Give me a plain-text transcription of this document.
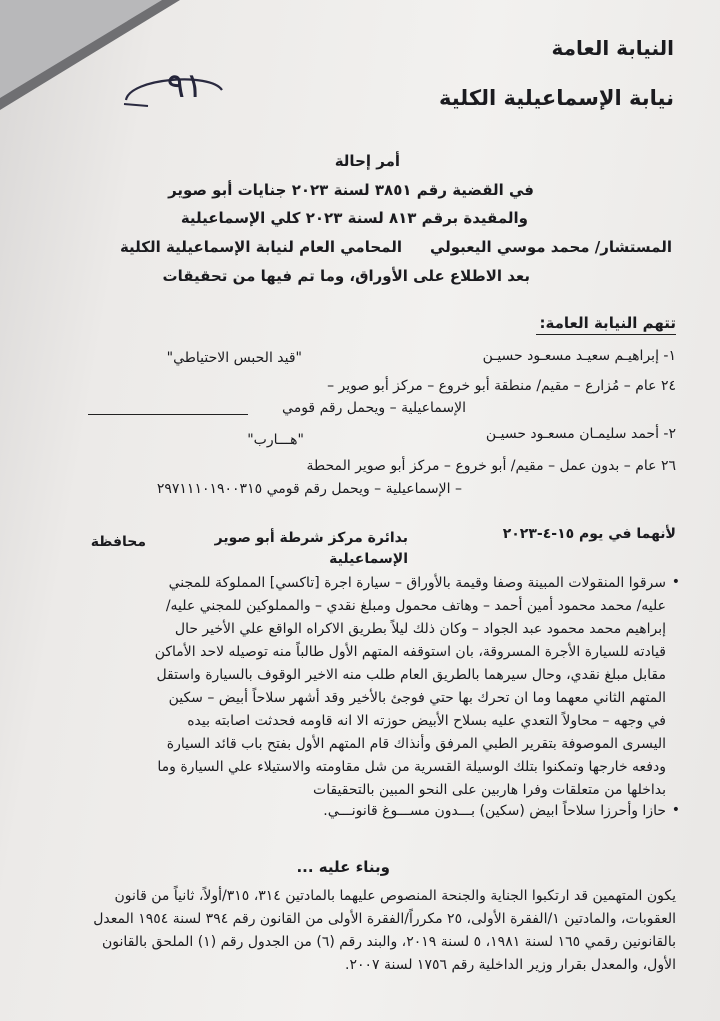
النيابة العامة
نيابة الإسماعيلية الكلية
٩١
أمر إحالة
في القضية رقم ٣٨٥١ لسنة ٢٠٢٣ جنايات أبو صوير
والمقيدة برقم ٨١٣ لسنة ٢٠٢٣ كلي الإسماعيلية
المستشار/ محمد موسي اليعبولي
المحامي العام لنيابة الإسماعيلية الكلية
بعد الاطلاع على الأوراق، وما تم فيها من تحقيقات
تتهم النيابة العامة:
١- إبراهيـم سعيـد مسعـود حسيـن
"قيد الحبس الاحتياطي"
٢٤ عام – مُزارع – مقيم/ منطقة أبو خروع – مركز أبو صوير –
الإسماعيلية – ويحمل رقم قومي
٢- أحمد سليمـان مسعـود حسيـن
"هـــارب"
٢٦ عام – بدون عمل – مقيم/ أبو خروع – مركز أبو صوير المحطة
– الإسماعيلية – ويحمل رقم قومي ٢٩٧١١١٠١٩٠٠٣١٥
لأنهما في يوم ١٥-٤-٢٠٢٣
بدائرة مركز شرطة أبو صوير
محافظة
الإسماعيلية
•
سرقوا المنقولات المبينة وصفا وقيمة بالأوراق – سيارة اجرة [تاكسي] المملوكة للمجني
عليه/ محمد محمود أمين أحمد – وهاتف محمول ومبلغ نقدي – والمملوكين للمجني عليه/
إبراهيم محمد محمود عبد الجواد – وكان ذلك ليلاً بطريق الاكراه الواقع علي الأخير حال
قيادته للسيارة الأجرة المسروقة، بان استوقفه المتهم الأول طالباً منه توصيله لاحد الأماكن
مقابل مبلغ نقدي، وحال سيرهما بالطريق العام طلب منه الاخير الوقوف بالسيارة واستقل
المتهم الثاني معهما وما ان تحرك بها حتي فوجئ بالأخير وقد أشهر سلاحاً أبيض – سكين
في وجهه – محاولاً التعدي عليه بسلاح الأبيض حوزته الا انه قاومه فحدثت اصابته بيده
اليسرى الموصوفة بتقرير الطبي المرفق وأنذاك قام المتهم الأول بفتح باب قائد السيارة
ودفعه خارجها وتمكنوا بتلك الوسيلة القسرية من شل مقاومته والاستيلاء علي السيارة وما
بداخلها من متعلقات وفرا هاربين على النحو المبين بالتحقيقات
•
حازا وأحرزا سلاحاً ابيض (سكين) بـــدون مســـوغ قانونـــي.
وبناء عليه ...
يكون المتهمين قد ارتكبوا الجناية والجنحة المنصوص عليهما بالمادتين ٣١٤، ٣١٥/أولاً، ثانياً من قانون
العقوبات، والمادتين ١/الفقرة الأولى، ٢٥ مكرراً/الفقرة الأولى من القانون رقم ٣٩٤ لسنة ١٩٥٤ المعدل
بالقانونين رقمي ١٦٥ لسنة ١٩٨١، ٥ لسنة ٢٠١٩، والبند رقم (٦) من الجدول رقم (١) الملحق بالقانون
الأول، والمعدل بقرار وزير الداخلية رقم ١٧٥٦ لسنة ٢٠٠٧.
